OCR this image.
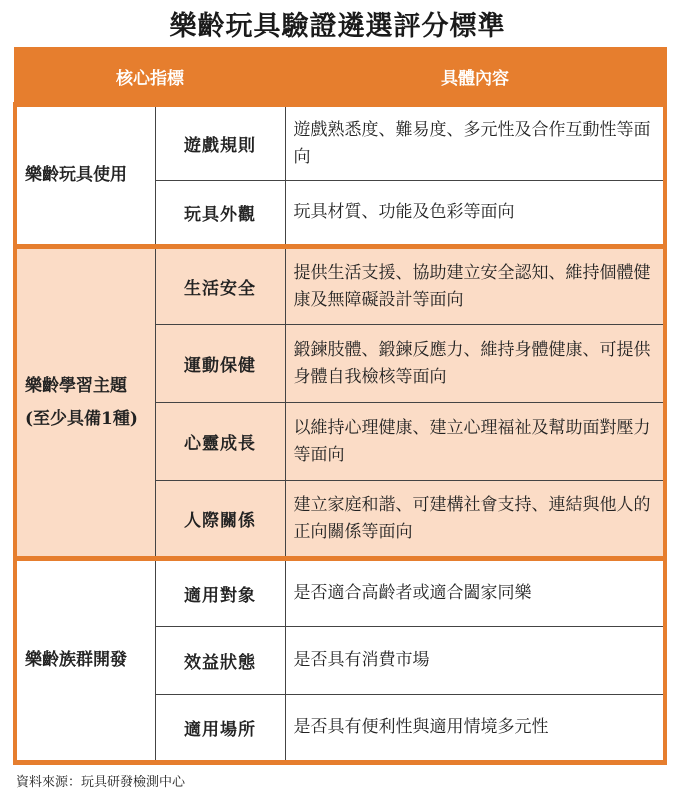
樂齡玩具驗證遴選評分標準
核心指標		具體內容
樂齡玩具使用	遊戲規則	遊戲熟悉度、難易度、多元性及合作互動性等面向
	玩具外觀	玩具材質、功能及色彩等面向
樂齡學習主題
(至少具備1種)	生活安全	提供生活支援、協助建立安全認知、維持個體健康及無障礙設計等面向
	運動保健	鍛鍊肢體、鍛鍊反應力、維持身體健康、可提供身體自我檢核等面向
	心靈成長	以維持心理健康、建立心理福祉及幫助面對壓力等面向
	人際關係	建立家庭和諧、可建構社會支持、連結與他人的正向關係等面向
樂齡族群開發	適用對象	是否適合高齡者或適合闔家同樂
	效益狀態	是否具有消費市場
	適用場所	是否具有便利性與適用情境多元性
資料來源：玩具研發檢測中心
